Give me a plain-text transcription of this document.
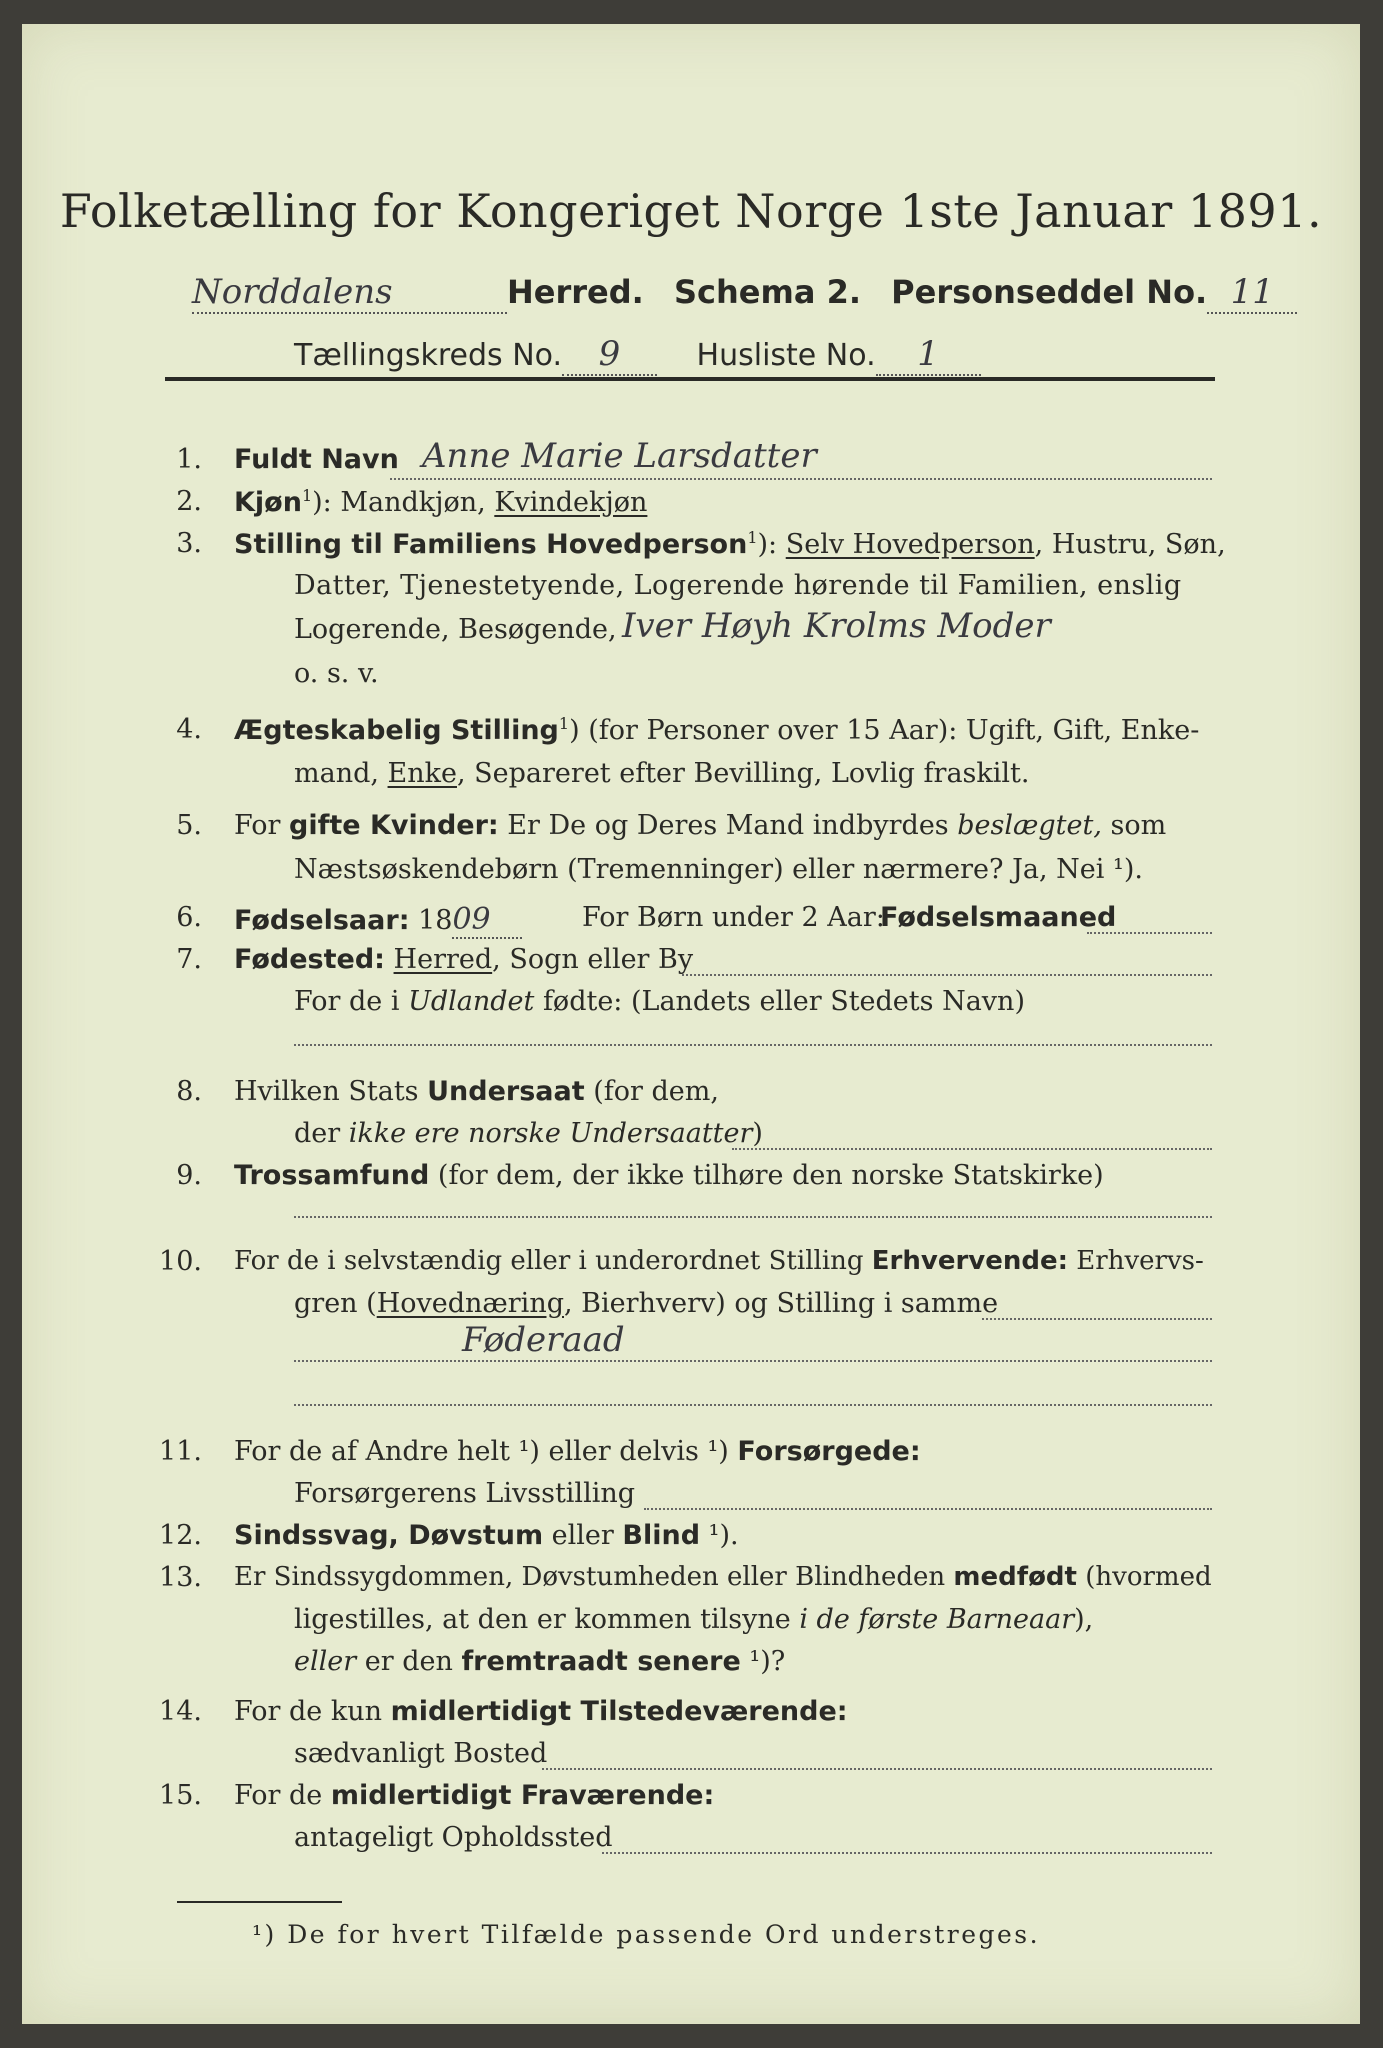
Folketælling for Kongeriget Norge 1ste Januar 1891.
Norddalens	Herred. Schema 2. Personseddel No. 11
Tællingskreds No. 9	Husliste No. 1
1. Fuldt Navn Anne Marie Larsdatter
2. Kjøn$^1$): Mandkjøn, Kvindekjøn
3. Stilling til Familiens Hovedperson$^1$): Selv Hovedperson, Hustru, Søn,
Datter, Tjenestetyende, Logerende hørende til Familien, enslig
Logerende, Besøgende, Iver Høyh Krolms Moder
o. s. v.
4. Ægteskabelig Stilling$^1$) (for Personer over 15 Aar): Ugift, Gift, Enke-
mand, Enke, Separeret efter Bevilling, Lovlig fraskilt.
5. For gifte Kvinder: Er De og Deres Mand indbyrdes beslægtet, som
Næstsøskendebørn (Tremenninger) eller nærmere? Ja, Nei ¹).
6. Fødselsaar: 1809	For Børn under 2 Aar:
Fødselsmaaned
7. Fødested: Herred, Sogn eller By
For de i Udlandet fødte: (Landets eller Stedets Navn)
8. Hvilken Stats Undersaat (for dem,
der ikke ere norske Undersaatter)
9. Trossamfund (for dem, der ikke tilhøre den norske Statskirke)
10. For de i selvstændig eller i underordnet Stilling Erhvervende: Erhvervs-
gren (Hovednæring, Bierhverv) og Stilling i samme
Føderaad
11. For de af Andre helt ¹) eller delvis ¹) Forsørgede:
Forsørgerens Livsstilling
12. Sindssvag, Døvstum eller Blind ¹).
13. Er Sindssygdommen, Døvstumheden eller Blindheden medfødt (hvormed
ligestilles, at den er kommen tilsyne i de første Barneaar),
eller er den fremtraadt senere ¹)?
14. For de kun midlertidigt Tilstedeværende:
sædvanligt Bosted
15. For de midlertidigt Fraværende:
antageligt Opholdssted
¹) De for hvert Tilfælde passende Ord understreges.
